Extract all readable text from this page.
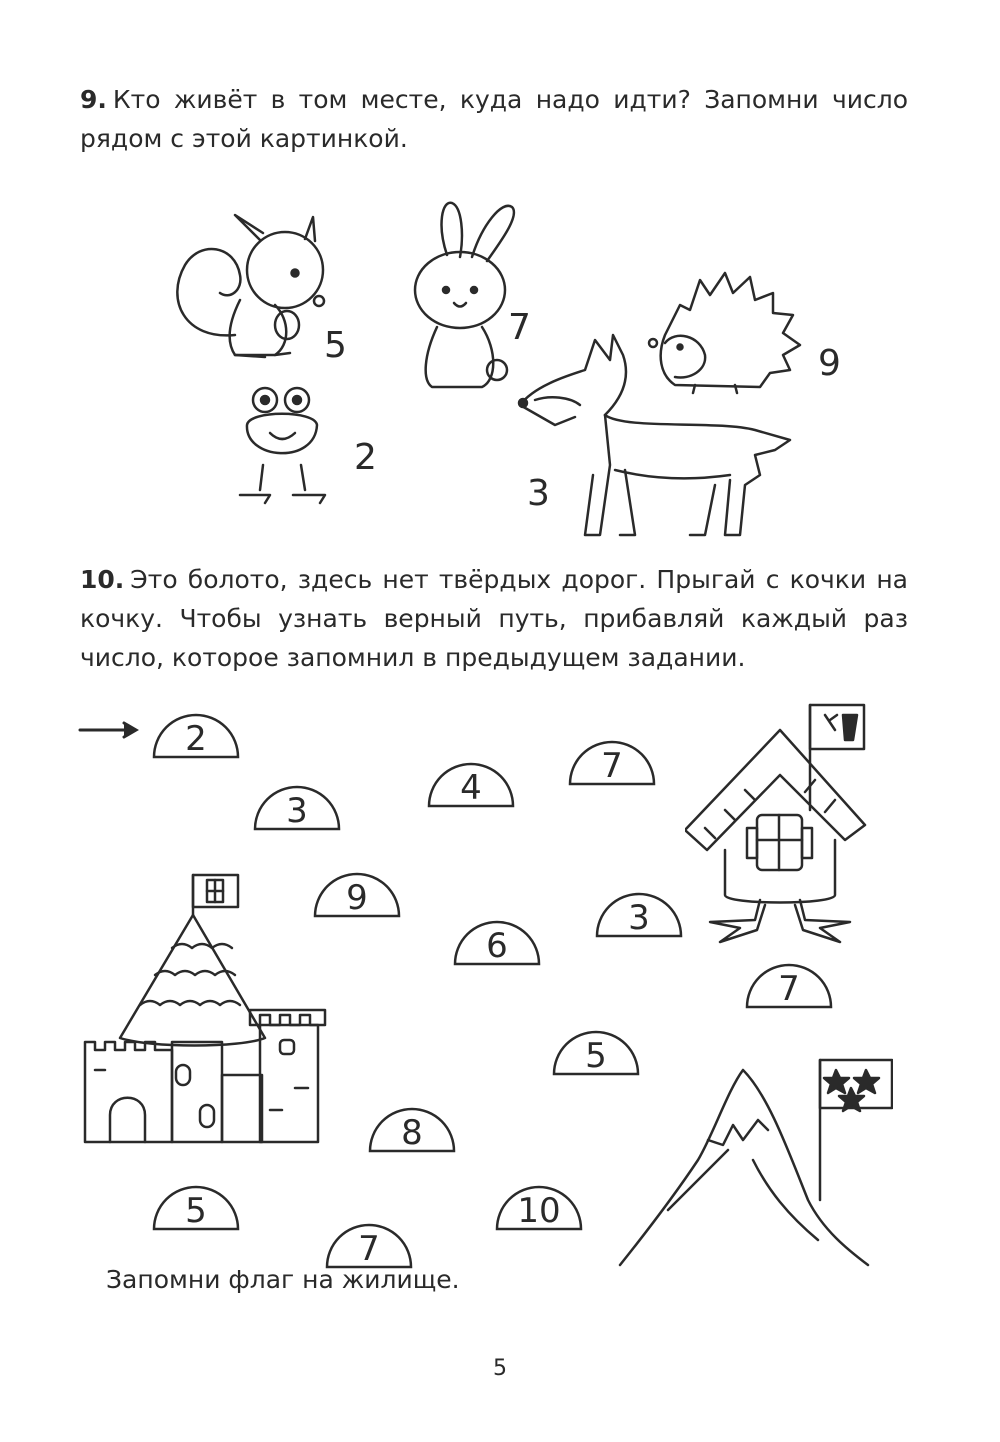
9. Кто живёт в том месте, куда надо идти? Запомни число рядом с этой картинкой.

5	7
9
2
3

10. Это болото, здесь нет твёрдых дорог. Прыгай с кочки на кочку. Чтобы узнать верный путь, прибавляй каждый раз число, которое запомнил в предыдущем задании.

2
3
4
7
9
6
3
7
5
8
5	10
7

Запомни флаг на жилище.

5
